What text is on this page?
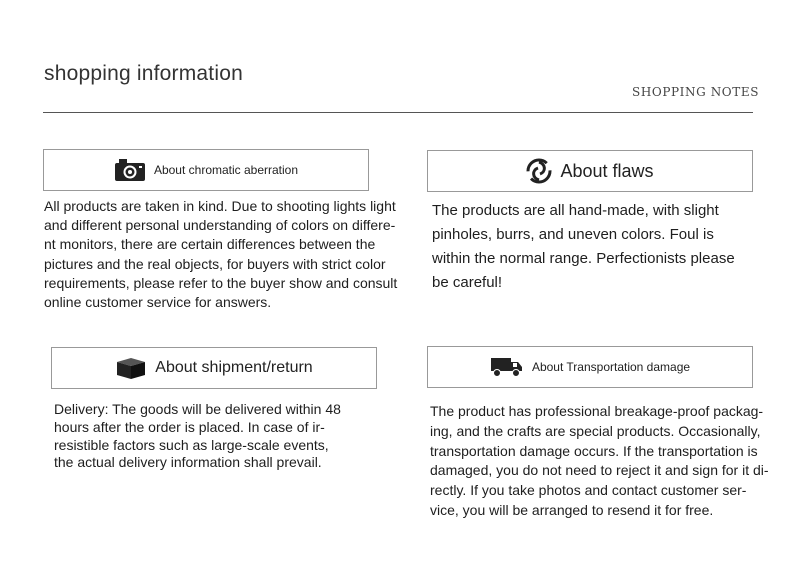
shopping information
SHOPPING NOTES
About chromatic aberration
All products are taken in kind. Due to shooting lights light
and different personal understanding of colors on differe-
nt monitors, there are certain differences between the
pictures and the real objects, for buyers with strict color
requirements, please refer to the buyer show and consult
online customer service for answers.
About flaws
The products are all hand-made, with slight
pinholes, burrs, and uneven colors. Foul is
within the normal range. Perfectionists please
be careful!
About shipment/return
Delivery: The goods will be delivered within 48
hours after the order is placed. In case of ir-
resistible factors such as large-scale events,
the actual delivery information shall prevail.
About Transportation damage
The product has professional breakage-proof packag-
ing, and the crafts are special products. Occasionally,
transportation damage occurs. If the transportation is
damaged, you do not need to reject it and sign for it di-
rectly. If you take photos and contact customer ser-
vice, you will be arranged to resend it for free.
